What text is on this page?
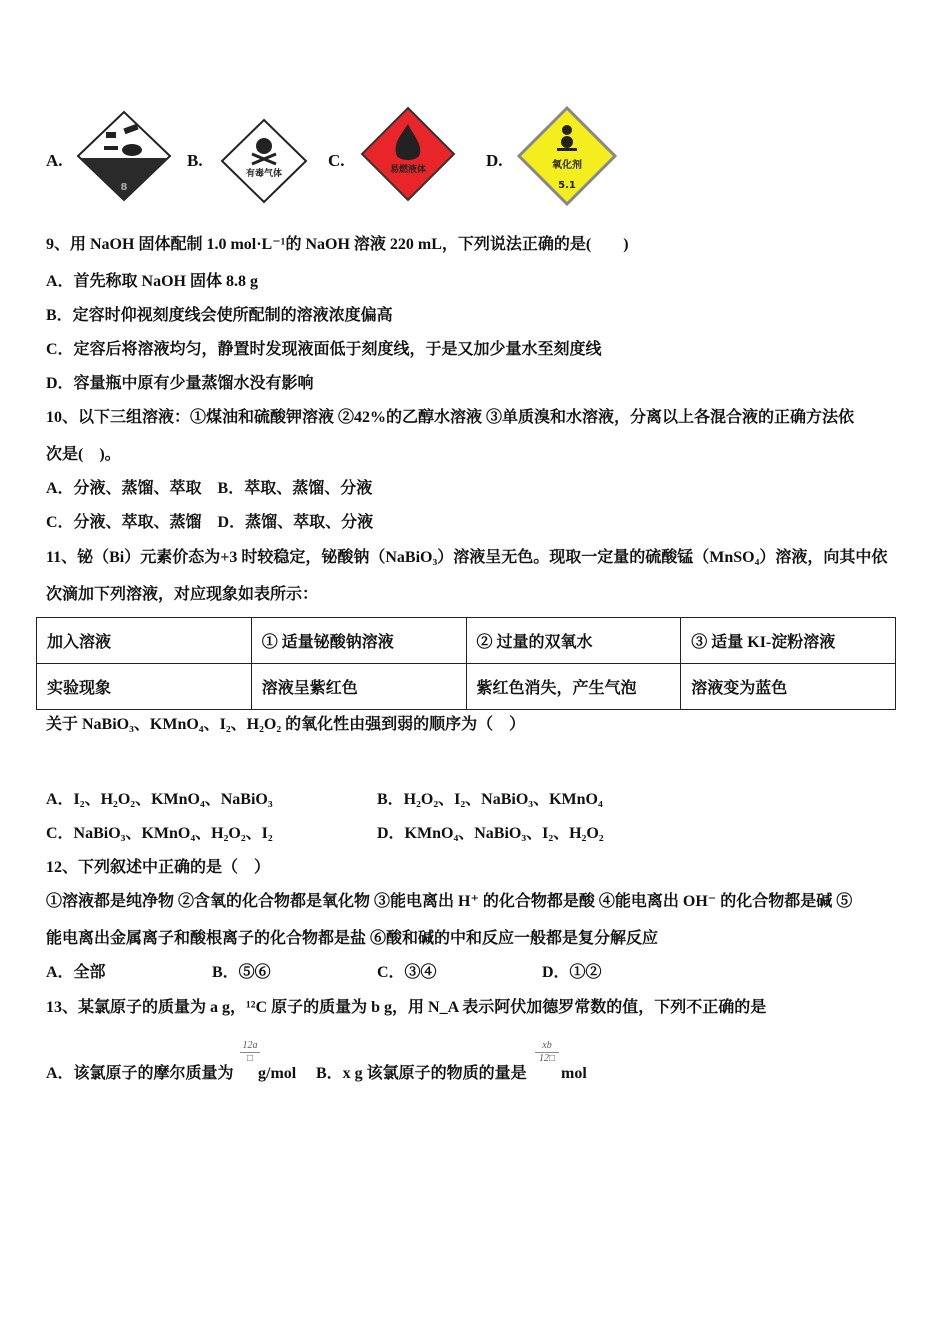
A.
8
B.
有毒气体
C.	易燃液体	D.	氧化剂
5.1
9、用 NaOH 固体配制 1.0 mol·L⁻¹的 NaOH 溶液 220 mL，下列说法正确的是(　　)
A．首先称取 NaOH 固体 8.8 g
B．定容时仰视刻度线会使所配制的溶液浓度偏高
C．定容后将溶液均匀，静置时发现液面低于刻度线，于是又加少量水至刻度线
D．容量瓶中原有少量蒸馏水没有影响
10、以下三组溶液：①煤油和硫酸钾溶液 ②42%的乙醇水溶液 ③单质溴和水溶液，分离以上各混合液的正确方法依
次是(　)。
A．分液、蒸馏、萃取　B．萃取、蒸馏、分液
C．分液、萃取、蒸馏　D．蒸馏、萃取、分液
11、铋（Bi）元素价态为+3 时较稳定，铋酸钠（NaBiO₃）溶液呈无色。现取一定量的硫酸锰（MnSO₄）溶液，向其中依
次滴加下列溶液，对应现象如表所示：
加入溶液	① 适量铋酸钠溶液	② 过量的双氧水	③ 适量 KI-淀粉溶液
实验现象	溶液呈紫红色	紫红色消失，产生气泡	溶液变为蓝色
关于 NaBiO₃、KMnO₄、I₂、H₂O₂ 的氧化性由强到弱的顺序为（　）
A．I₂、H₂O₂、KMnO₄、NaBiO₃	B．H₂O₂、I₂、NaBiO₃、KMnO₄
C．NaBiO₃、KMnO₄、H₂O₂、I₂	D．KMnO₄、NaBiO₃、I₂、H₂O₂
12、下列叙述中正确的是（　）
①溶液都是纯净物 ②含氧的化合物都是氧化物 ③能电离出 H⁺ 的化合物都是酸 ④能电离出 OH⁻ 的化合物都是碱 ⑤
能电离出金属离子和酸根离子的化合物都是盐 ⑥酸和碱的中和反应一般都是复分解反应
A．全部	B．⑤⑥	C．③④	D．①②
13、某氯原子的质量为 a g，¹²C 原子的质量为 b g，用 N_A 表示阿伏加德罗常数的值，下列不正确的是
A．该氯原子的摩尔质量为
12a
□
g/mol B．x g 该氯原子的物质的量是
$\frac{xb}{12□}$
mol
